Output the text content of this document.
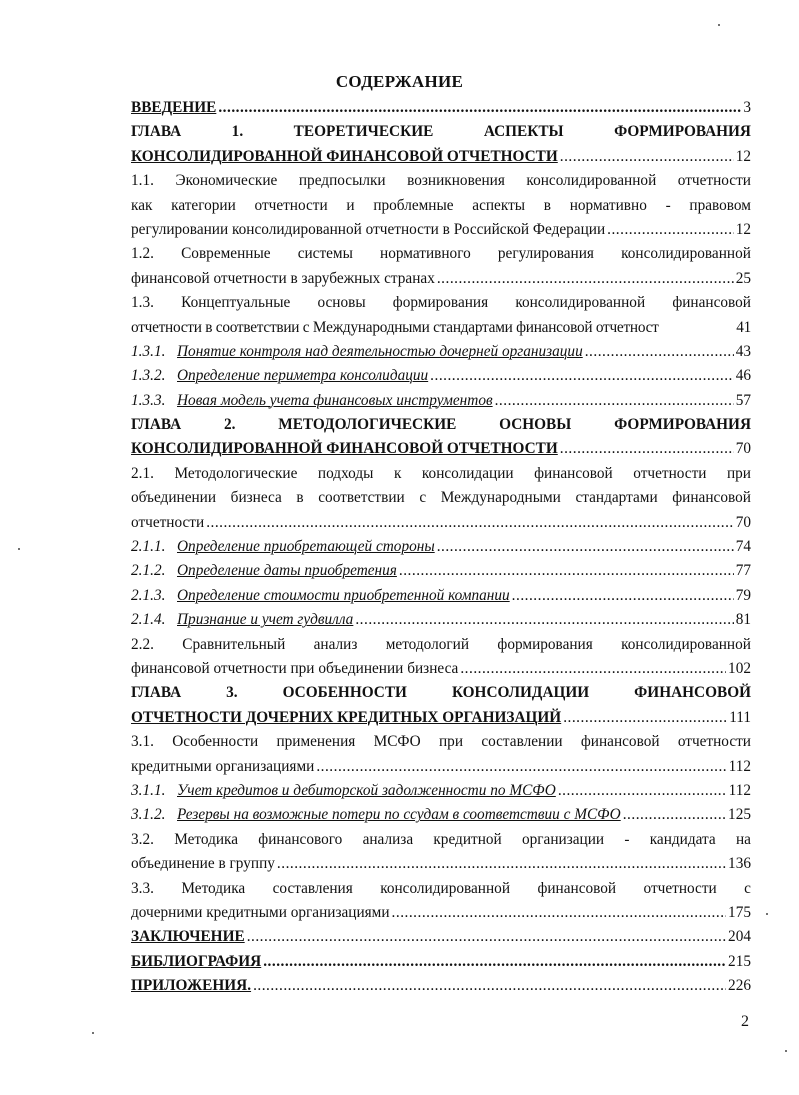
СОДЕРЖАНИЕ
ВВЕДЕНИЕ .....	3
ГЛАВА	1.	ТЕОРЕТИЧЕСКИЕ	АСПЕКТЫ	ФОРМИРОВАНИЯ
КОНСОЛИДИРОВАННОЙ ФИНАНСОВОЙ ОТЧЕТНОСТИ .....	12
1.1. Экономические предпосылки возникновения консолидированной отчетности
как категории отчетности и проблемные аспекты в нормативно - правовом
регулировании консолидированной отчетности в Российской Федерации .....	12
1.2. Современные системы нормативного регулирования консолидированной
финансовой отчетности в зарубежных странах .....	25
1.3. Концептуальные основы формирования консолидированной финансовой
отчетности в соответствии с Международными стандартами финансовой отчетност	41
1.3.1. Понятие контроля над деятельностью дочерней организации .....	43
1.3.2. Определение периметра консолидации .....	46
1.3.3. Новая модель учета финансовых инструментов .....	57
ГЛАВА	2.	МЕТОДОЛОГИЧЕСКИЕ	ОСНОВЫ	ФОРМИРОВАНИЯ
КОНСОЛИДИРОВАННОЙ ФИНАНСОВОЙ ОТЧЕТНОСТИ .....	70
2.1. Методологические подходы к консолидации финансовой отчетности при
объединении бизнеса в соответствии с Международными стандартами финансовой
отчетности .....	70
2.1.1. Определение приобретающей стороны .....	74
2.1.2. Определение даты приобретения .....	77
2.1.3. Определение стоимости приобретенной компании .....	79
2.1.4. Признание и учет гудвилла .....	81
2.2. Сравнительный анализ методологий формирования консолидированной
финансовой отчетности при объединении бизнеса .....	102
ГЛАВА	3.	ОСОБЕННОСТИ	КОНСОЛИДАЦИИ	ФИНАНСОВОЙ
ОТЧЕТНОСТИ ДОЧЕРНИХ КРЕДИТНЫХ ОРГАНИЗАЦИЙ .....	111
3.1. Особенности применения МСФО при составлении финансовой отчетности
кредитными организациями .....	112
3.1.1. Учет кредитов и дебиторской задолженности по МСФО .....	112
3.1.2. Резервы на возможные потери по ссудам в соответствии с МСФО .....	125
3.2. Методика финансового анализа кредитной организации - кандидата на
объединение в группу .....	136
3.3. Методика составления консолидированной финансовой отчетности с
дочерними кредитными организациями .....	175
ЗАКЛЮЧЕНИЕ .....	204
БИБЛИОГРАФИЯ .....	215
ПРИЛОЖЕНИЯ. .....	226
2
